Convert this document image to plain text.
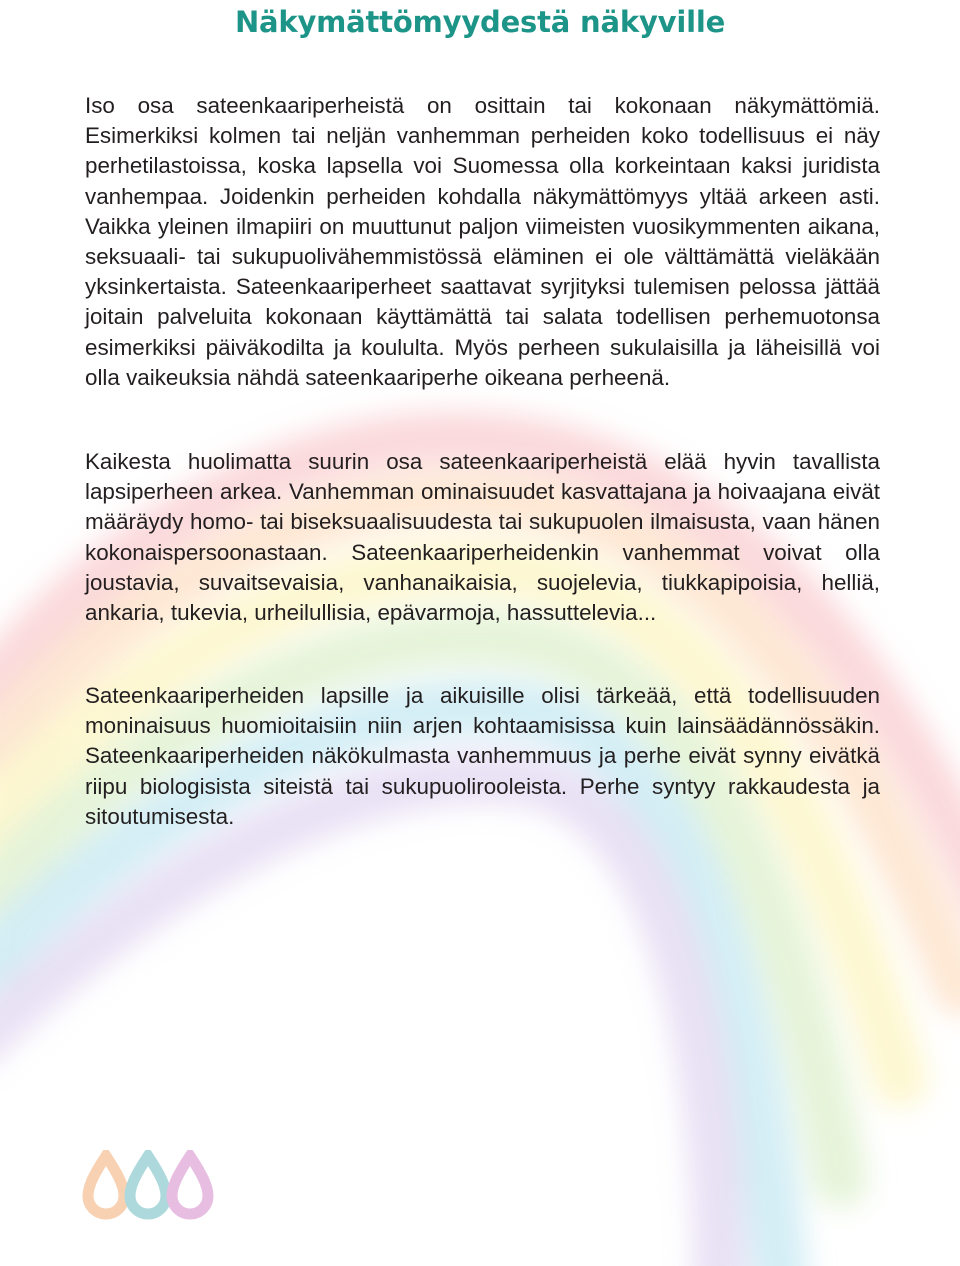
Näkymättömyydestä näkyville

Iso osa sateenkaariperheistä on osittain tai kokonaan näkymättömiä. Esimerkiksi kolmen tai neljän vanhemman perheiden koko todellisuus ei näy perhetilastoissa, koska lapsella voi Suomessa olla korkeintaan kaksi juridista vanhempaa. Joidenkin perheiden kohdalla näkymättömyys yltää arkeen asti. Vaikka yleinen ilmapiiri on muuttunut paljon viimeisten vuosikymmenten aikana, seksuaali- tai sukupuolivähemmistössä eläminen ei ole välttämättä vieläkään yksinkertaista. Sateenkaariperheet saattavat syrjityksi tulemisen pelossa jättää joitain palveluita kokonaan käyttämättä tai salata todellisen perhemuotonsa esimerkiksi päiväkodilta ja koululta. Myös perheen sukulaisilla ja läheisillä voi olla vaikeuksia nähdä sateenkaariperhe oikeana perheenä.

Kaikesta huolimatta suurin osa sateenkaariperheistä elää hyvin tavallista lapsiperheen arkea. Vanhemman ominaisuudet kasvattajana ja hoivaajana eivät määräydy homo- tai biseksuaalisuudesta tai sukupuolen ilmaisusta, vaan hänen kokonaispersoonastaan. Sateenkaariperheidenkin vanhemmat voivat olla joustavia, suvaitsevaisia, vanhanaikaisia, suojelevia, tiukkapipoisia, helliä, ankaria, tukevia, urheilullisia, epävarmoja, hassuttelevia...

Sateenkaariperheiden lapsille ja aikuisille olisi tärkeää, että todellisuuden moninaisuus huomioitaisiin niin arjen kohtaamisissa kuin lainsäädännössäkin. Sateenkaariperheiden näkökulmasta vanhemmuus ja perhe eivät synny eivätkä riipu biologisista siteistä tai sukupuolirooleista. Perhe syntyy rakkaudesta ja sitoutumisesta.
